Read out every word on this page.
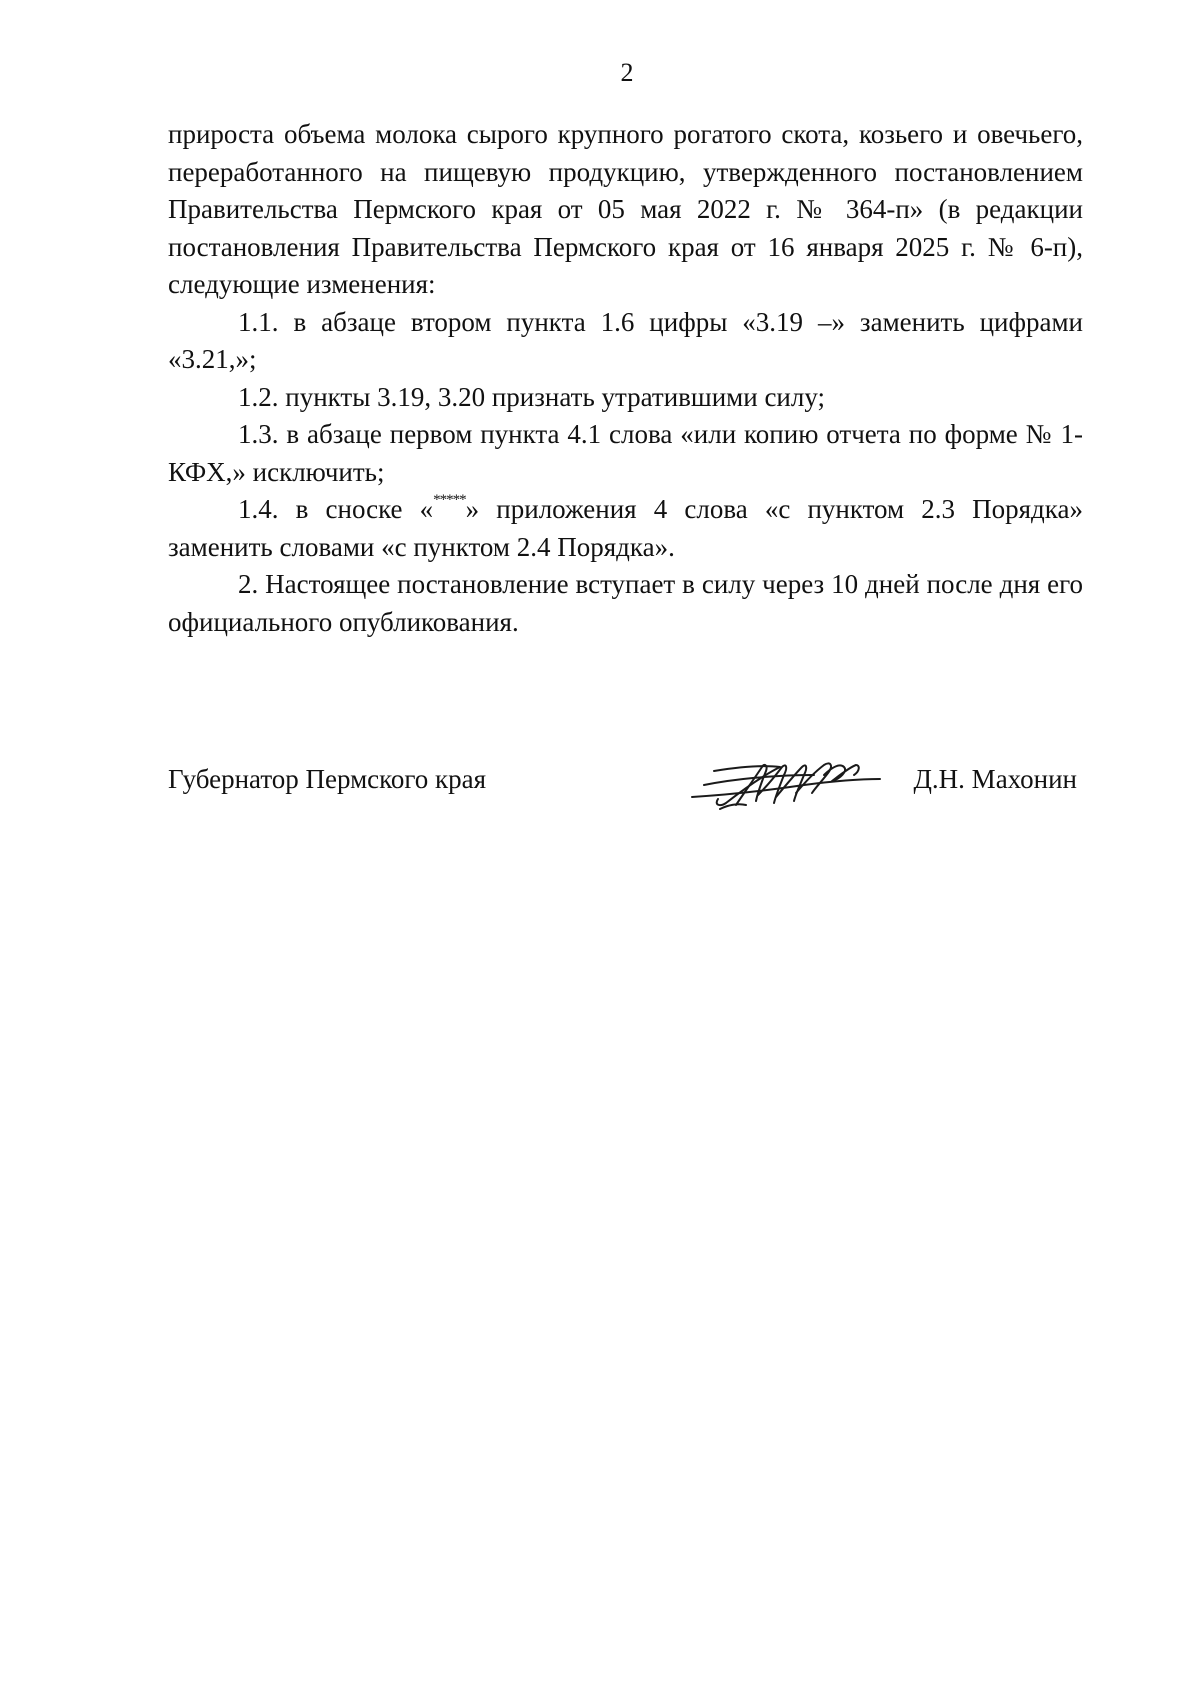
2

прироста объема молока сырого крупного рогатого скота, козьего и овечьего, переработанного на пищевую продукцию, утвержденного постановлением Правительства Пермского края от 05 мая 2022 г. № 364-п» (в редакции постановления Правительства Пермского края от 16 января 2025 г. № 6-п), следующие изменения:

1.1. в абзаце втором пункта 1.6 цифры «3.19 –» заменить цифрами «3.21,»;

1.2. пункты 3.19, 3.20 признать утратившими силу;

1.3. в абзаце первом пункта 4.1 слова «или копию отчета по форме № 1-КФХ,» исключить;

1.4. в сноске «*****» приложения 4 слова «с пунктом 2.3 Порядка» заменить словами «с пунктом 2.4 Порядка».

2. Настоящее постановление вступает в силу через 10 дней после дня его официального опубликования.

Губернатор Пермского края	Д.Н. Махонин
